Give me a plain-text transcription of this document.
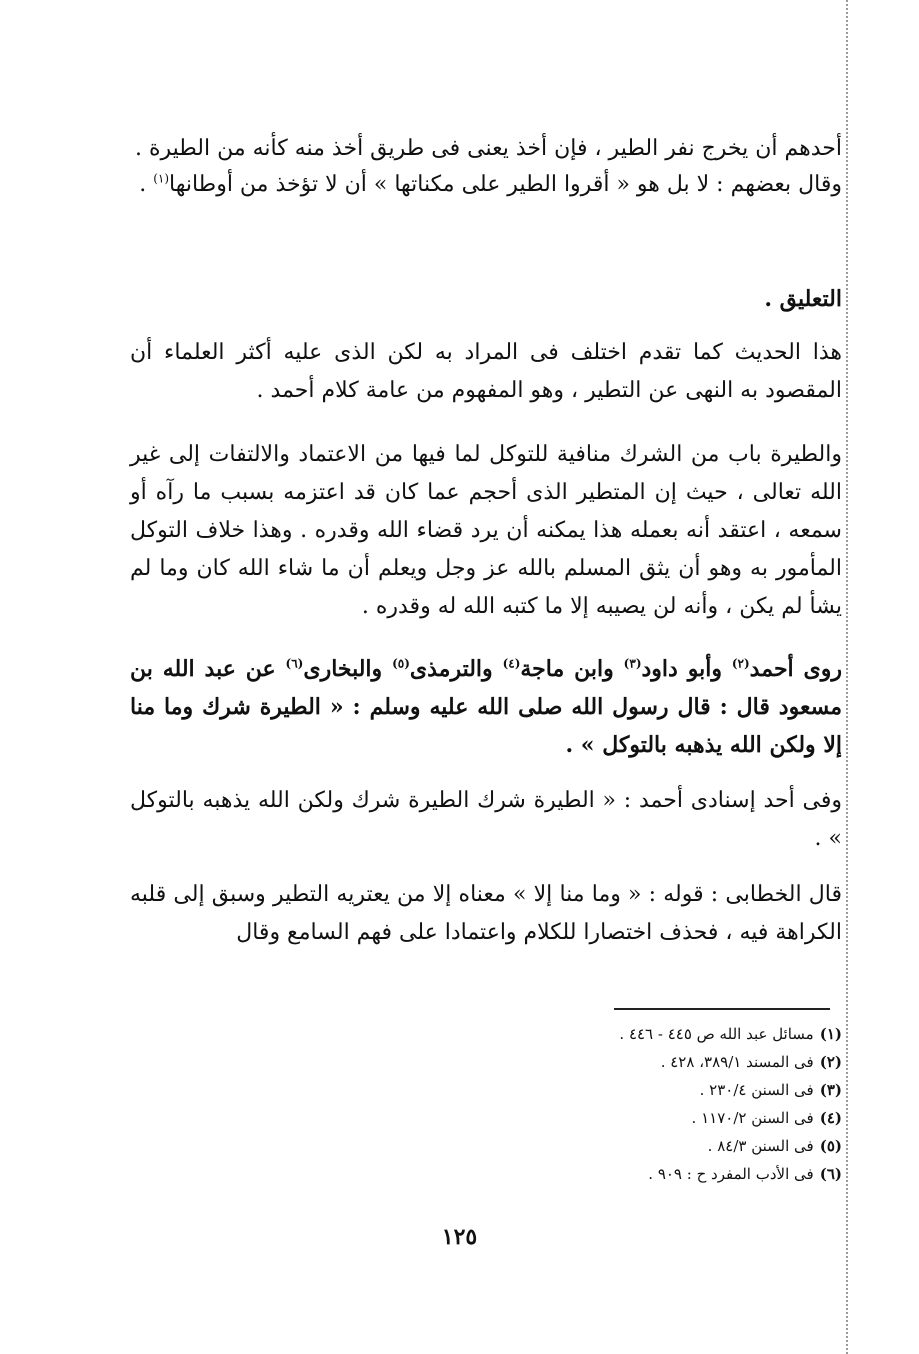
أحدهم أن يخرج نفر الطير ، فإن أخذ يعنى فى طريق أخذ منه كأنه من الطيرة .

وقال بعضهم : لا بل هو « أقروا الطير على مكناتها » أن لا تؤخذ من أوطانها$^{(١)}$ .

التعليق .

هذا الحديث كما تقدم اختلف فى المراد به لكن الذى عليه أكثر العلماء أن المقصود به النهى عن التطير ، وهو المفهوم من عامة كلام أحمد .

والطيرة باب من الشرك منافية للتوكل لما فيها من الاعتماد والالتفات إلى غير الله تعالى ، حيث إن المتطير الذى أحجم عما كان قد اعتزمه بسبب ما رآه أو سمعه ، اعتقد أنه بعمله هذا يمكنه أن يرد قضاء الله وقدره . وهذا خلاف التوكل المأمور به وهو أن يثق المسلم بالله عز وجل ويعلم أن ما شاء الله كان وما لم يشأ لم يكن ، وأنه لن يصيبه إلا ما كتبه الله له وقدره .

روى أحمد$^{(٢)}$ وأبو داود$^{(٣)}$ وابن ماجة$^{(٤)}$ والترمذى$^{(٥)}$ والبخارى$^{(٦)}$ عن عبد الله بن مسعود قال : قال رسول الله صلى الله عليه وسلم : « الطيرة شرك وما منا إلا ولكن الله يذهبه بالتوكل » .

وفى أحد إسنادى أحمد : « الطيرة شرك الطيرة شرك ولكن الله يذهبه بالتوكل » .

قال الخطابى : قوله : « وما منا إلا » معناه إلا من يعتريه التطير وسبق إلى قلبه الكراهة فيه ، فحذف اختصارا للكلام واعتمادا على فهم السامع وقال

(١)مسائل عبد الله ص ٤٤٥ - ٤٤٦ .
(٢)فى المسند ٣٨٩/١، ٤٢٨ .
(٣)فى السنن ٢٣٠/٤ .
(٤)فى السنن ١١٧٠/٢ .
(٥)فى السنن ٨٤/٣ .
(٦)فى الأدب المفرد ح : ٩٠٩ .
١٢٥
